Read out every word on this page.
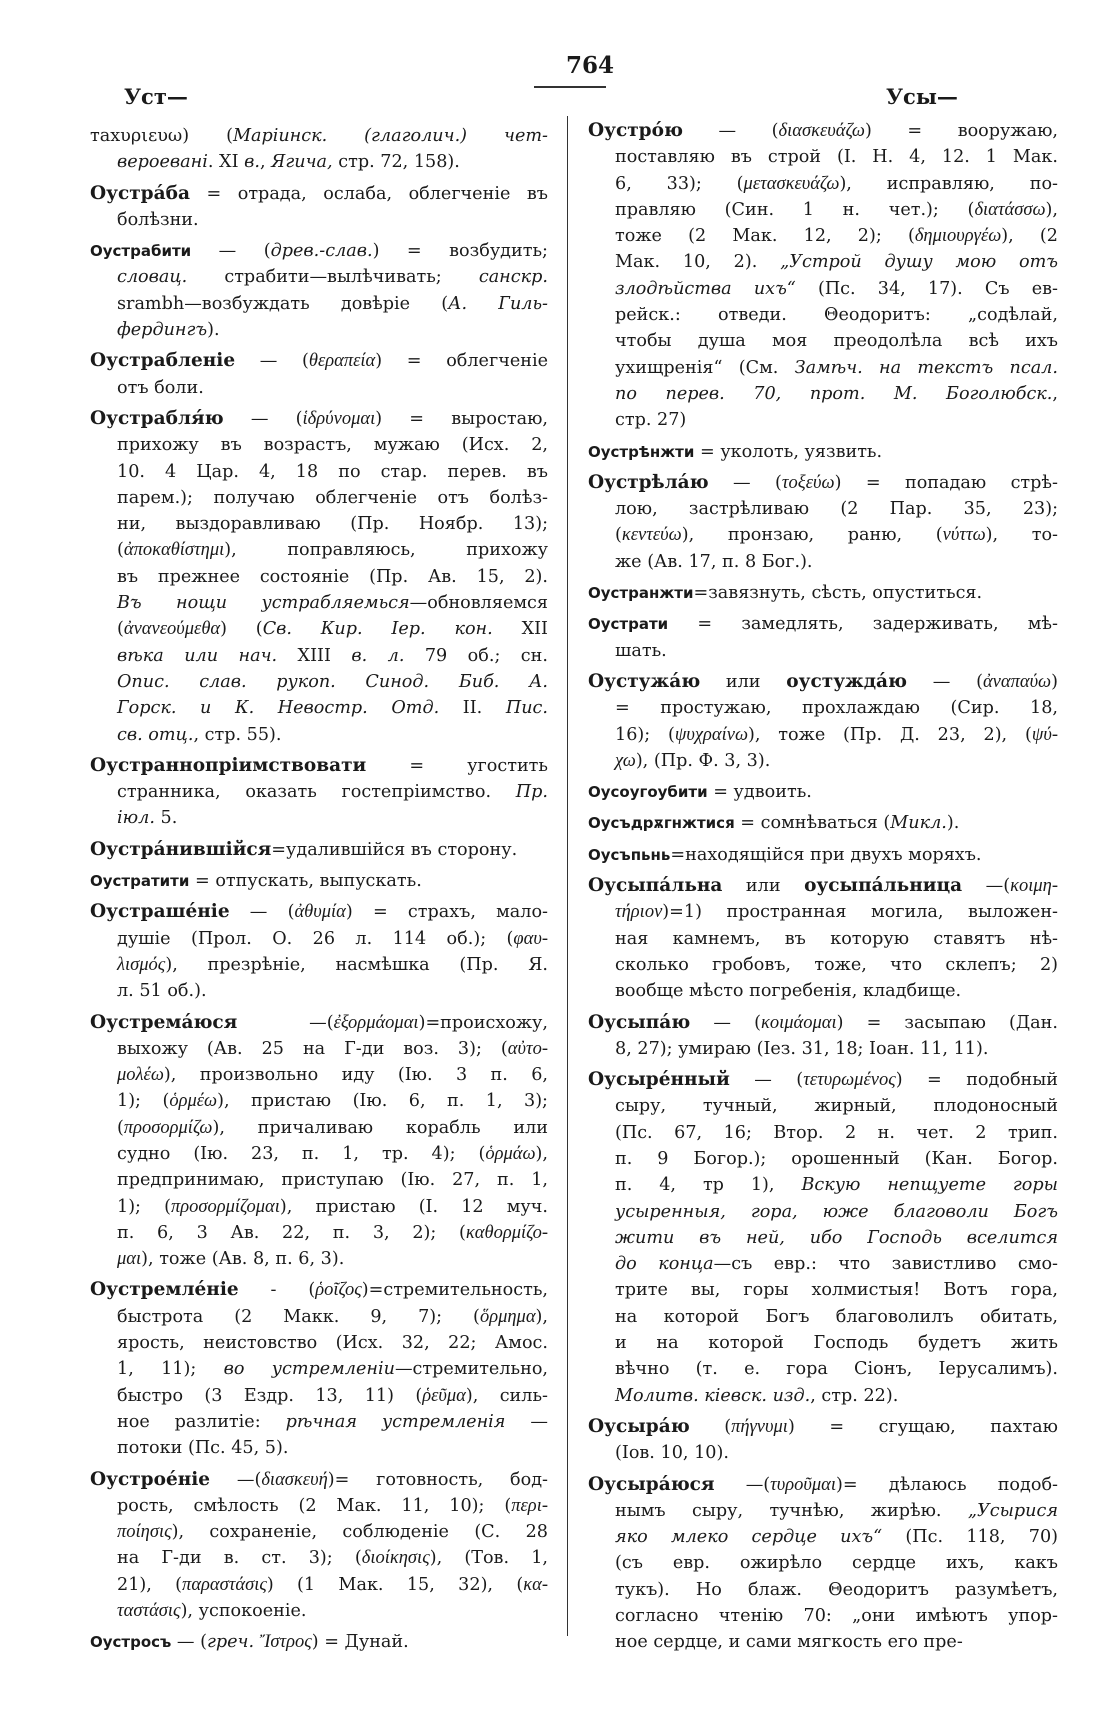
Уст—
764
Усы—
тахυριευω) (Маріинск. (глаголич.) чет-
вероевані. XI в., Ягича, стр. 72, 158).
Оустрáба = отрада, ослаба, облегченіе въ
болѣзни.
Оустрабити — (древ.-слав.) = возбудить;
словац. страбити—вылѣчивать; санскр.
srambh—возбуждать довѣріе (А. Гиль-
фердингъ).
Оустрабленіе — (θεραπεία) = облегченіе
отъ боли.
Оустрабля́ю — (ἱδρύνομαι) = выростаю,
прихожу въ возрастъ, мужаю (Исх. 2,
10. 4 Цар. 4, 18 по стар. перев. въ
парем.); получаю облегченіе отъ болѣз-
ни, выздоравливаю (Пр. Ноябр. 13);
(ἀποκαθίστημι), поправляюсь, прихожу
въ прежнее состояніе (Пр. Ав. 15, 2).
Въ нощи устрабляемься—обновляемся
(ἀνανεούμεθα) (Св. Кир. Іер. кон. XII
вѣка или нач. XIII в. л. 79 об.; сн.
Опис. слав. рукоп. Синод. Биб. А.
Горск. и К. Невостр. Отд. II. Пис.
св. отц., стр. 55).
Оустраннопріимствовати = угостить
странника, оказать гостепріимство. Пр.
іюл. 5.
Оустрáнившійся=удалившійся въ сторону.
Оустратити = отпускать, выпускать.
Оустрашéніе — (ἀθυμία) = страхъ, мало-
душіе (Прол. О. 26 л. 114 об.); (φαυ-
λισμός), презрѣніе, насмѣшка (Пр. Я.
л. 51 об.).
Оустремáюся —(ἐξορμάομαι)=происхожу,
выхожу (Ав. 25 на Г-ди воз. 3); (αὐτο-
μολέω), произвольно иду (Ію. 3 п. 6,
1); (ὁρμέω), пристаю (Ію. 6, п. 1, 3);
(προσορμίζω), причаливаю корабль или
судно (Ію. 23, п. 1, тр. 4); (ὁρμάω),
предпринимаю, приступаю (Ію. 27, п. 1,
1); (προσορμίζομαι), пристаю (І. 12 муч.
п. 6, 3 Ав. 22, п. 3, 2); (καθορμίζο-
μαι), тоже (Ав. 8, п. 6, 3).
Оустремлéніе - (ῥοῖζος)=стремительность,
быстрота (2 Макк. 9, 7); (ὅρμημα),
ярость, неистовство (Исх. 32, 22; Амос.
1, 11); во устремленіи—стремительно,
быстро (3 Ездр. 13, 11) (ῥεῦμα), силь-
ное разлитіе: рѣчная устремленія —
потоки (Пс. 45, 5).
Оустроéніе —(διασκευή)= готовность, бод-
рость, смѣлость (2 Мак. 11, 10); (περι-
ποίησις), сохраненіе, соблюденіе (С. 28
на Г-ди в. ст. 3); (διοίκησις), (Тов. 1,
21), (παραστάσις) (1 Мак. 15, 32), (κα-
ταστάσις), успокоеніе.
Оустросъ — (греч. Ἴστρος) = Дунай.
Оустрóю — (διασκευάζω) = вооружаю,
поставляю въ строй (І. Н. 4, 12. 1 Мак.
6, 33); (μετασκευάζω), исправляю, по-
правляю (Син. 1 н. чет.); (διατάσσω),
тоже (2 Мак. 12, 2); (δημιουργέω), (2
Мак. 10, 2). „Устрой душу мою отъ
злодѣйства ихъ“ (Пс. 34, 17). Съ ев-
рейск.: отведи. Θеодоритъ: „содѣлай,
чтобы душа моя преодолѣла всѣ ихъ
ухищренія“ (См. Замѣч. на текстъ псал.
по перев. 70, прот. М. Боголюбск.,
стр. 27)
Оустрѣнжти = уколоть, уязвить.
Оустрѣлáю — (τοξεύω) = попадаю стрѣ-
лою, застрѣливаю (2 Пар. 35, 23);
(κεντεύω), пронзаю, раню, (νύττω), то-
же (Ав. 17, п. 8 Бог.).
Оустранжти=завязнуть, сѣсть, опуститься.
Оустрати = замедлять, задерживать, мѣ-
шать.
Оустужáю или оустуждáю — (ἀναπαύω)
= простужаю, прохлаждаю (Сир. 18,
16); (ψυχραίνω), тоже (Пр. Д. 23, 2), (ψύ-
χω), (Пр. Ф. 3, 3).
Оусоугоубити = удвоить.
Оусъдрѫгнжтися = сомнѣваться (Микл.).
Оусъпьнь=находящійся при двухъ моряхъ.
Оусыпáльна или оусыпáльница —(κοιμη-
τήριον)=1) пространная могила, выложен-
ная камнемъ, въ которую ставятъ нѣ-
сколько гробовъ, тоже, что склепъ; 2)
вообще мѣсто погребенія, кладбище.
Оусыпáю — (κοιμάομαι) = засыпаю (Дан.
8, 27); умираю (Іез. 31, 18; Іоан. 11, 11).
Оусырéнный — (τετυρωμένος) = подобный
сыру, тучный, жирный, плодоносный
(Пс. 67, 16; Втор. 2 н. чет. 2 трип.
п. 9 Богор.); орошенный (Кан. Богор.
п. 4, тр 1), Вскую непщуете горы
усыренныя, гора, юже благоволи Богъ
жити въ ней, ибо Господь вселится
до конца—съ евр.: что завистливо смо-
трите вы, горы холмистыя! Вотъ гора,
на которой Богъ благоволилъ обитать,
и на которой Господь будетъ жить
вѣчно (т. е. гора Сіонъ, Іерусалимъ).
Молитв. кіевск. изд., стр. 22).
Оусырáю (πήγνυμι) = сгущаю, пахтаю
(Іов. 10, 10).
Оусырáюся —(τυροῦμαι)= дѣлаюсь подоб-
нымъ сыру, тучнѣю, жирѣю. „Усырися
яко млеко сердце ихъ“ (Пс. 118, 70)
(съ евр. ожирѣло сердце ихъ, какъ
тукъ). Но блаж. Θеодоритъ разумѣетъ,
согласно чтенію 70: „они имѣютъ упор-
ное сердце, и сами мягкость его пре-
